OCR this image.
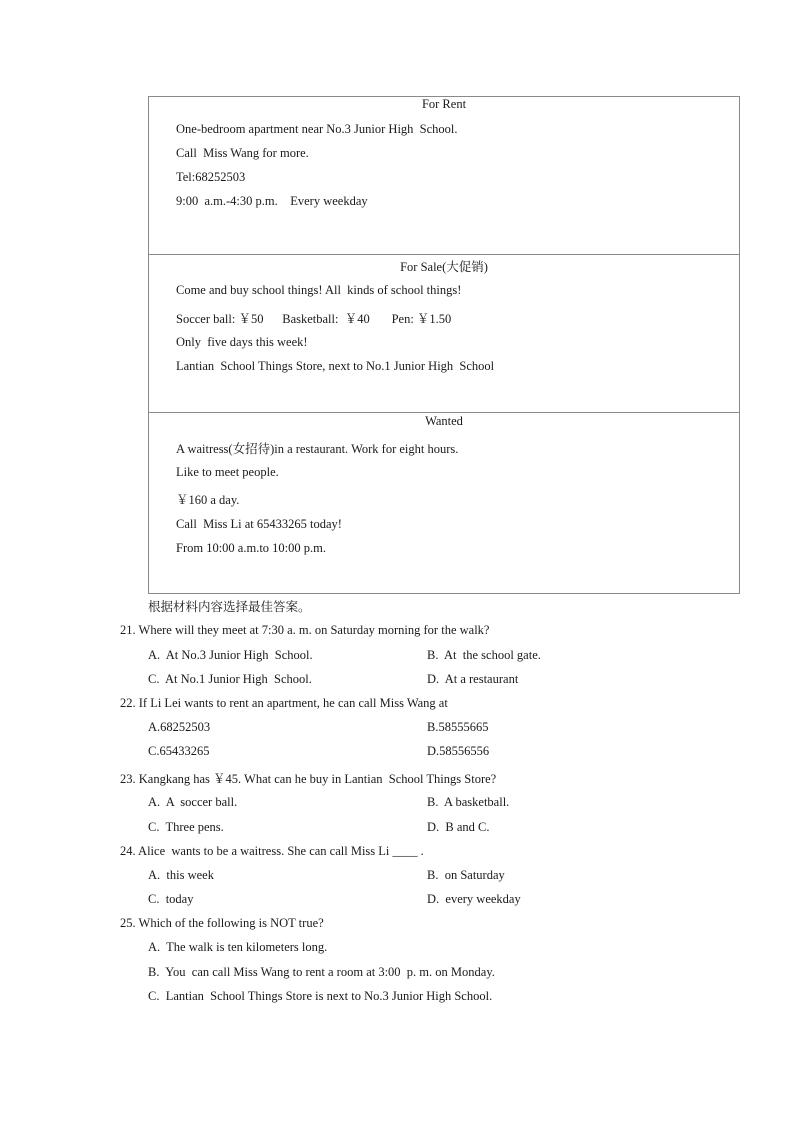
For Rent
One-bedroom apartment near No.3 Junior High  School.
Call  Miss Wang for more.
Tel:68252503
9:00  a.m.-4:30 p.m.    Every weekday
For Sale(大促销)
Come and buy school things! All  kinds of school things!
Soccer ball: ￥50      Basketball:  ￥40       Pen: ￥1.50
Only  five days this week!
Lantian  School Things Store, next to No.1 Junior High  School
Wanted
A waitress(女招待)in a restaurant. Work for eight hours.
Like to meet people.
￥160 a day.
Call  Miss Li at 65433265 today!
From 10:00 a.m.to 10:00 p.m.
根据材料内容选择最佳答案。
21. Where will they meet at 7:30 a. m. on Saturday morning for the walk?
A.  At No.3 Junior High  School.	B.  At  the school gate.
C.  At No.1 Junior High  School.	D.  At a restaurant
22. If Li Lei wants to rent an apartment, he can call Miss Wang at
A.68252503	B.58555665
C.65433265	D.58556556
23. Kangkang has ￥45. What can he buy in Lantian  School Things Store?
A.  A  soccer ball.	B.  A basketball.
C.  Three pens.	D.  B and C.
24. Alice  wants to be a waitress. She can call Miss Li ____ .
A.  this week	B.  on Saturday
C.  today	D.  every weekday
25. Which of the following is NOT true?
A.  The walk is ten kilometers long.
B.  You  can call Miss Wang to rent a room at 3:00  p. m. on Monday.
C.  Lantian  School Things Store is next to No.3 Junior High School.
